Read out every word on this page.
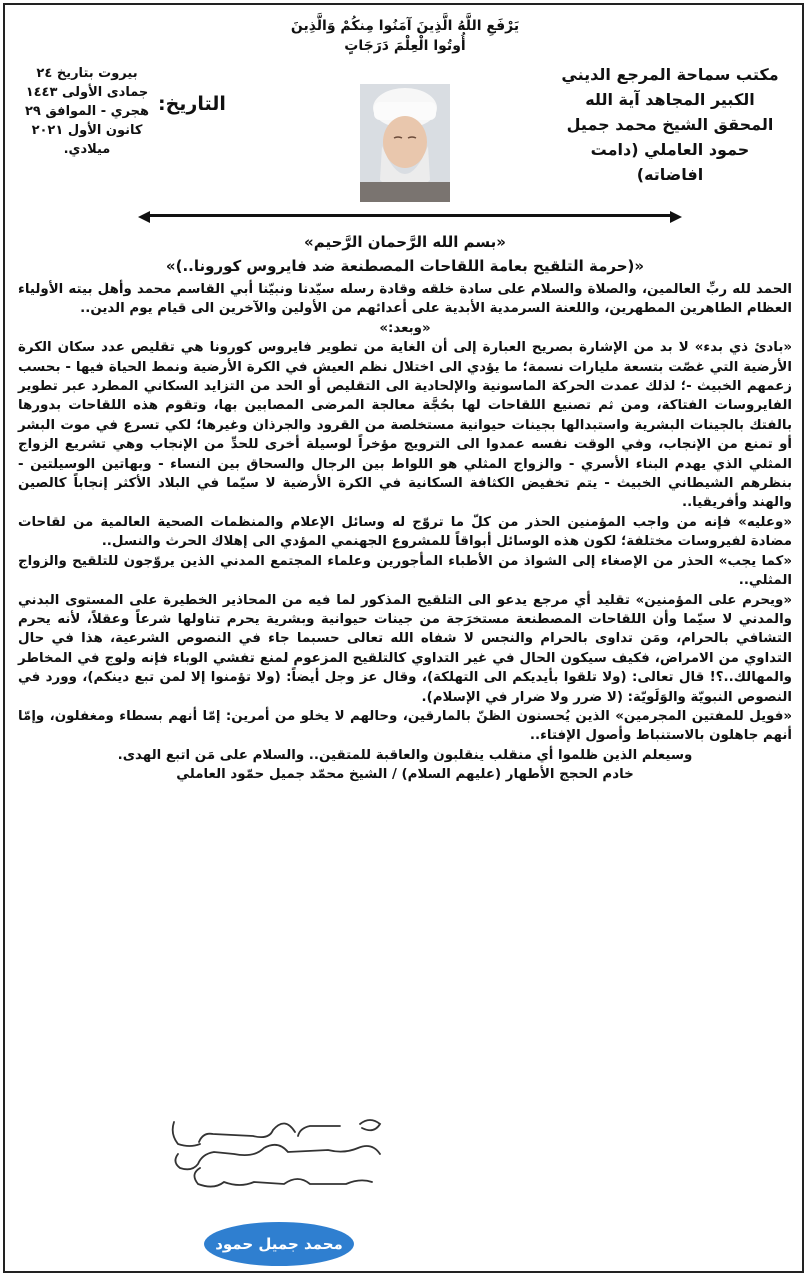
يَرْفَعِ اللَّهُ الَّذِينَ آمَنُوا مِنكُمْ وَالَّذِينَ
أُوتُوا الْعِلْمَ دَرَجَاتٍ
مكتب سماحة المرجع الديني
الكبير المجاهد آية الله
المحقق الشيخ محمد جميل
حمود العاملي (دامت
افاضاته)
التاريخ:
بيروت بتاريخ ٢٤
جمادى الأولى ١٤٤٣
هجري - الموافق ٢٩
كانون الأول ٢٠٢١
ميلادي.
«بسم الله الرَّحمان الرَّحيم»
«(حرمة التلقيح بعامة اللقاحات المصطنعة ضد فايروس كورونا..)»

الحمد لله ربِّ العالمين، والصلاة والسلام على سادة خلقه وقادة رسله سيّدنا ونبيّنا أبي القاسم محمد وأهل بيته الأولياء العظام الطاهرين المطهرين، واللعنة السرمدية الأبدية على أعدائهم من الأولين والآخرين الى قيام يوم الدين..

«وبعد:»

«بادئ ذي بدء» لا بد من الإشارة بصريح العبارة إلى أن الغاية من تطوير فايروس كورونا هي تقليص عدد سكان الكرة الأرضية التي غصّت بتسعة مليارات نسمة؛ ما يؤدي الى اختلال نظم العيش في الكرة الأرضية ونمط الحياة فيها - بحسب زعمهم الخبيث -؛ لذلك عمدت الحركة الماسونية والإلحادية الى التقليص أو الحد من التزايد السكاني المطرد عبر تطوير الفايروسات الفتاكة، ومن ثم تصنيع اللقاحات لها بحُجَّة معالجة المرضى المصابين بها، وتقوم هذه اللقاحات بدورها بالفتك بالجينات البشرية واستبدالها بجينات حيوانية مستخلصة من القرود والجرذان وغيرها؛ لكي تسرع في موت البشر أو تمنع من الإنجاب، وفي الوقت نفسه عمدوا الى الترويج مؤخراً لوسيلة أخرى للحدِّ من الإنجاب وهي تشريع الزواج المثلي الذي يهدم البناء الأسري - والزواج المثلي هو اللواط بين الرجال والسحاق بين النساء - وبهاتين الوسيلتين - بنظرهم الشيطاني الخبيث - يتم تخفيض الكثافة السكانية في الكرة الأرضية لا سيّما في البلاد الأكثر إنجاباً كالصين والهند وأفريقيا..

«وعليه» فإنه من واجب المؤمنين الحذر من كلّ ما تروّج له وسائل الإعلام والمنظمات الصحية العالمية من لقاحات مضادة لفيروسات مختلفة؛ لكون هذه الوسائل أبواقاً للمشروع الجهنمي المؤدي الى إهلاك الحرث والنسل..

«كما يجب» الحذر من الإصغاء إلى الشواذ من الأطباء المأجورين وعلماء المجتمع المدني الذين يروّجون للتلقيح والزواج المثلي..

«ويحرم على المؤمنين» تقليد أي مرجع يدعو الى التلقيح المذكور لما فيه من المحاذير الخطيرة على المستوى البدني والمدني لا سيّما وأن اللقاحات المصطنعة مستخرَجة من جينات حيوانية وبشرية يحرم تناولها شرعاً وعقلاً، لأنه يحرم التشافي بالحرام، ومَن تداوى بالحرام والنجس لا شفاه الله تعالى حسبما جاء في النصوص الشرعية، هذا في حال التداوي من الامراض، فكيف سيكون الحال في غير التداوي كالتلقيح المزعوم لمنع تفشي الوباء فإنه ولوج في المخاطر والمهالك..؟! قال تعالى: (ولا تلقوا بأيديكم الى التهلكة)، وقال عز وجل أيضاً: (ولا تؤمنوا إلا لمن تبع دينكم)، وورد في النصوص النبويّة والوَلَويّة: (لا ضرر ولا ضرار في الإسلام).

«فويل للمفتين المجرمين» الذين يُحسنون الظنّ بالمارقين، وحالهم لا يخلو من أمرين: إمّا أنهم بسطاء ومغفلون، وإمّا أنهم جاهلون بالاستنباط وأصول الإفتاء..

وسيعلم الذين ظلموا أي منقلب ينقلبون والعاقبة للمتقين.. والسلام على مَن اتبع الهدى.

خادم الحجج الأطهار (عليهم السلام) / الشيخ محمّد جميل حمّود العاملي

محمد جميل حمود
